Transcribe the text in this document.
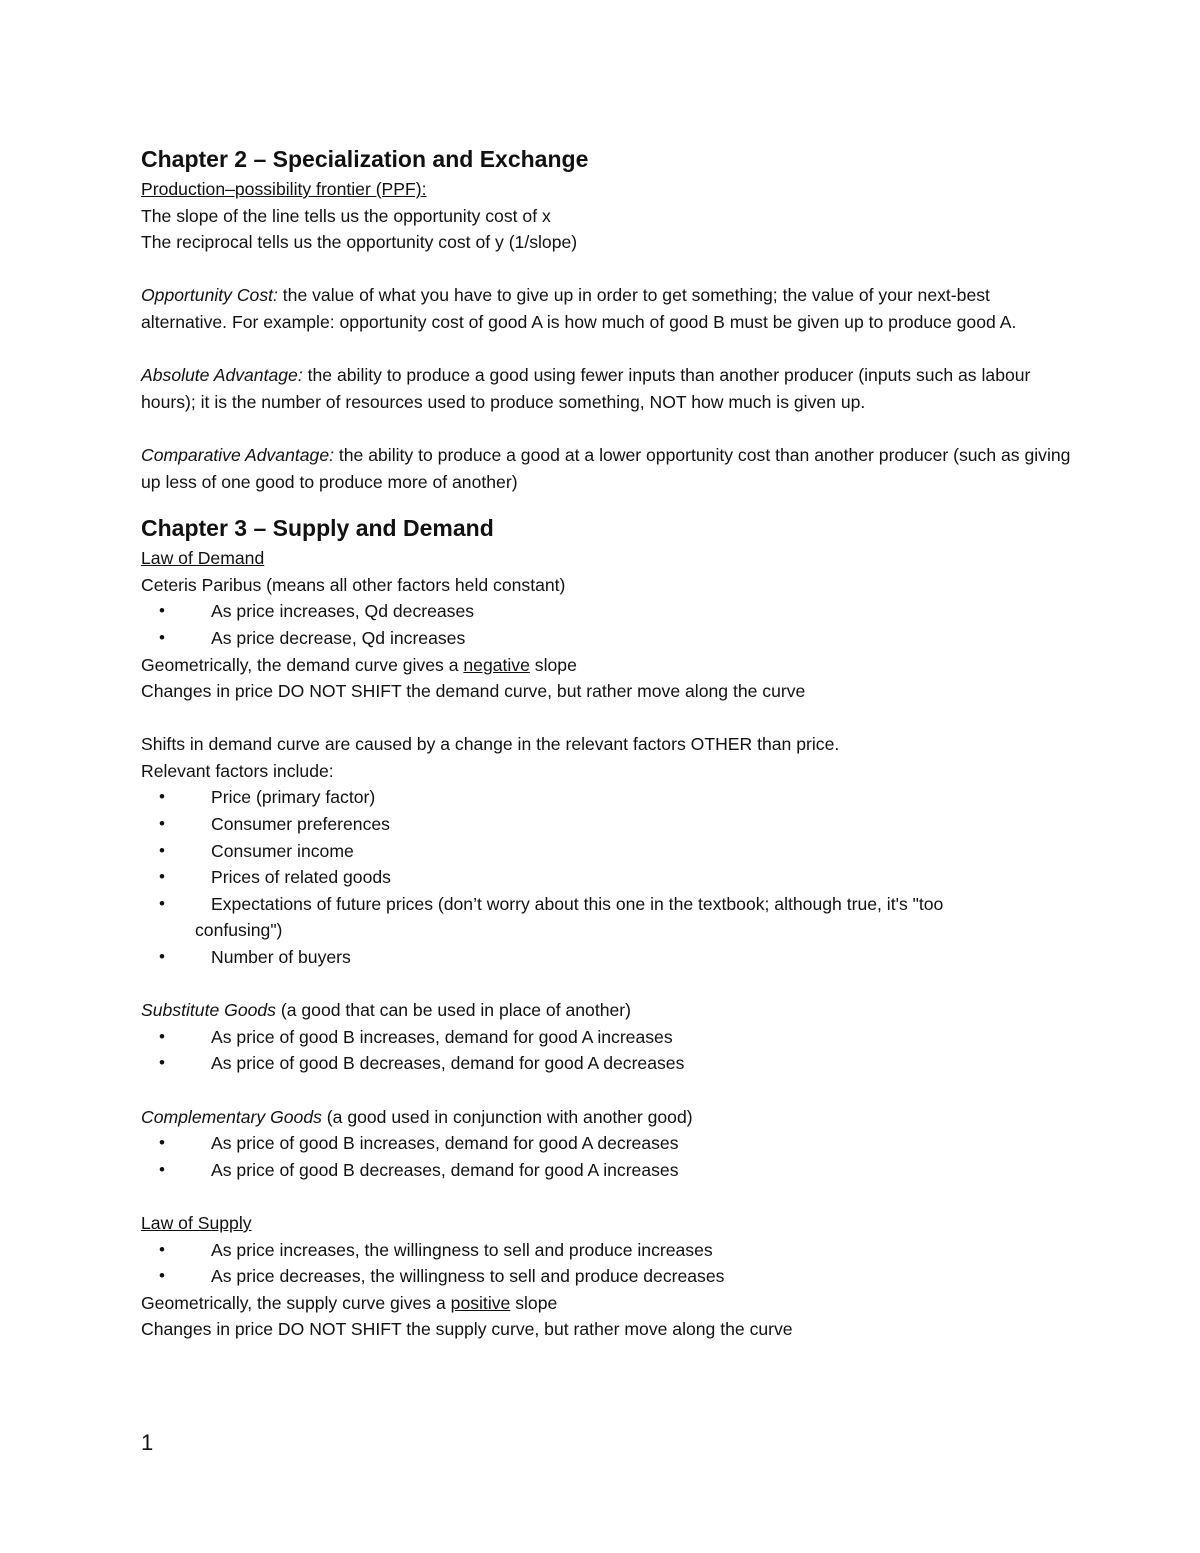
Chapter 2 – Specialization and Exchange

Production–possibility frontier (PPF):

The slope of the line tells us the opportunity cost of x

The reciprocal tells us the opportunity cost of y (1/slope)

Opportunity Cost: the value of what you have to give up in order to get something; the value of your next-best alternative. For example: opportunity cost of good A is how much of good B must be given up to produce good A.

Absolute Advantage: the ability to produce a good using fewer inputs than another producer (inputs such as labour hours); it is the number of resources used to produce something, NOT how much is given up.

Comparative Advantage: the ability to produce a good at a lower opportunity cost than another producer (such as giving up less of one good to produce more of another)

Chapter 3 – Supply and Demand

Law of Demand

Ceteris Paribus (means all other factors held constant)

•	As price increases, Qd decreases
•	As price decrease, Qd increases

Geometrically, the demand curve gives a negative slope

Changes in price DO NOT SHIFT the demand curve, but rather move along the curve

Shifts in demand curve are caused by a change in the relevant factors OTHER than price.

Relevant factors include:

•	Price (primary factor)
•	Consumer preferences
•	Consumer income
•	Prices of related goods
•	Expectations of future prices (don’t worry about this one in the textbook; although true, it's "too
confusing")
•	Number of buyers

Substitute Goods (a good that can be used in place of another)

•	As price of good B increases, demand for good A increases
•	As price of good B decreases, demand for good A decreases

Complementary Goods (a good used in conjunction with another good)

•	As price of good B increases, demand for good A decreases
•	As price of good B decreases, demand for good A increases

Law of Supply

•	As price increases, the willingness to sell and produce increases
•	As price decreases, the willingness to sell and produce decreases

Geometrically, the supply curve gives a positive slope

Changes in price DO NOT SHIFT the supply curve, but rather move along the curve

1
